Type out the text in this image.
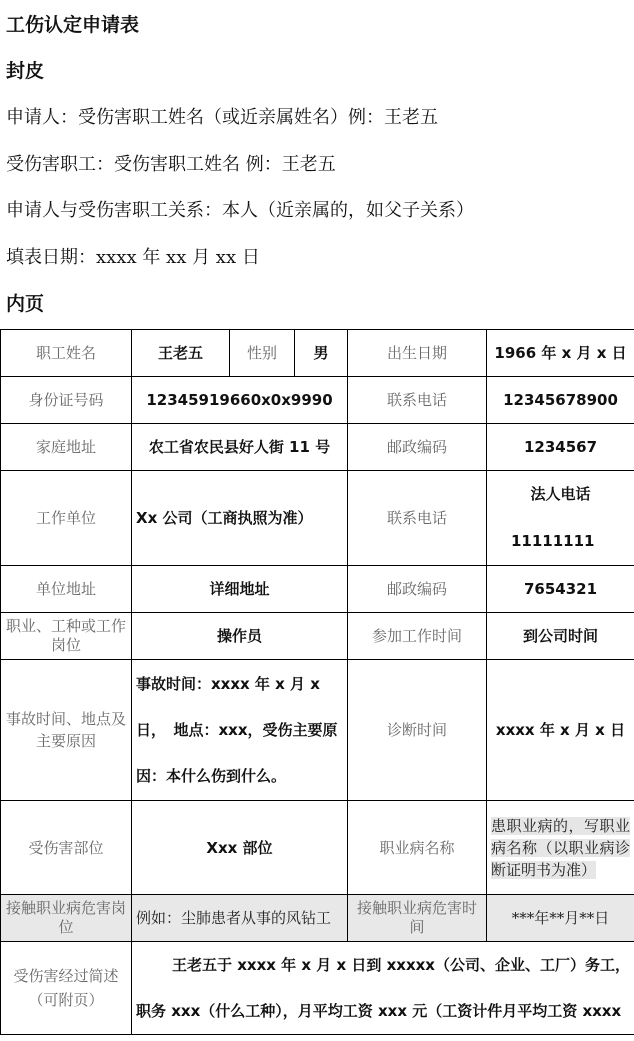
工伤认定申请表
封皮
申请人：受伤害职工姓名（或近亲属姓名）例：王老五
受伤害职工：受伤害职工姓名 例：王老五
申请人与受伤害职工关系：本人（近亲属的，如父子关系）
填表日期：xxxx 年 xx 月 xx 日
内页
职工姓名	王老五	性别	男	出生日期	1966 年 x 月 x 日
身份证号码	12345919660x0x9990			联系电话	12345678900
家庭地址	农工省农民县好人街 11 号			邮政编码	1234567
工作单位	Xx 公司（工商执照为准）			联系电话	法人电话
11111111

单位地址	详细地址			邮政编码	7654321
职业、工种或工作岗位	操作员			参加工作时间	到公司时间
事故时间、地点及主要原因	事故时间：xxxx 年 x 月 x 日，　地点：xxx，受伤主要原因：本什么伤到什么。			诊断时间	xxxx 年 x 月 x 日
受伤害部位	Xxx 部位			职业病名称	患职业病的，写职业病名称（以职业病诊断证明书为准）
接触职业病危害岗位	例如：尘肺患者从事的风钻工			接触职业病危害时间	***年**月**日
受伤害经过简述（可附页）	王老五于 xxxx 年 x 月 x 日到 xxxxx（公司、企业、工厂）务工，职务 xxx（什么工种），月平均工资 xxx 元（工资计件月平均工资 xxxx				
